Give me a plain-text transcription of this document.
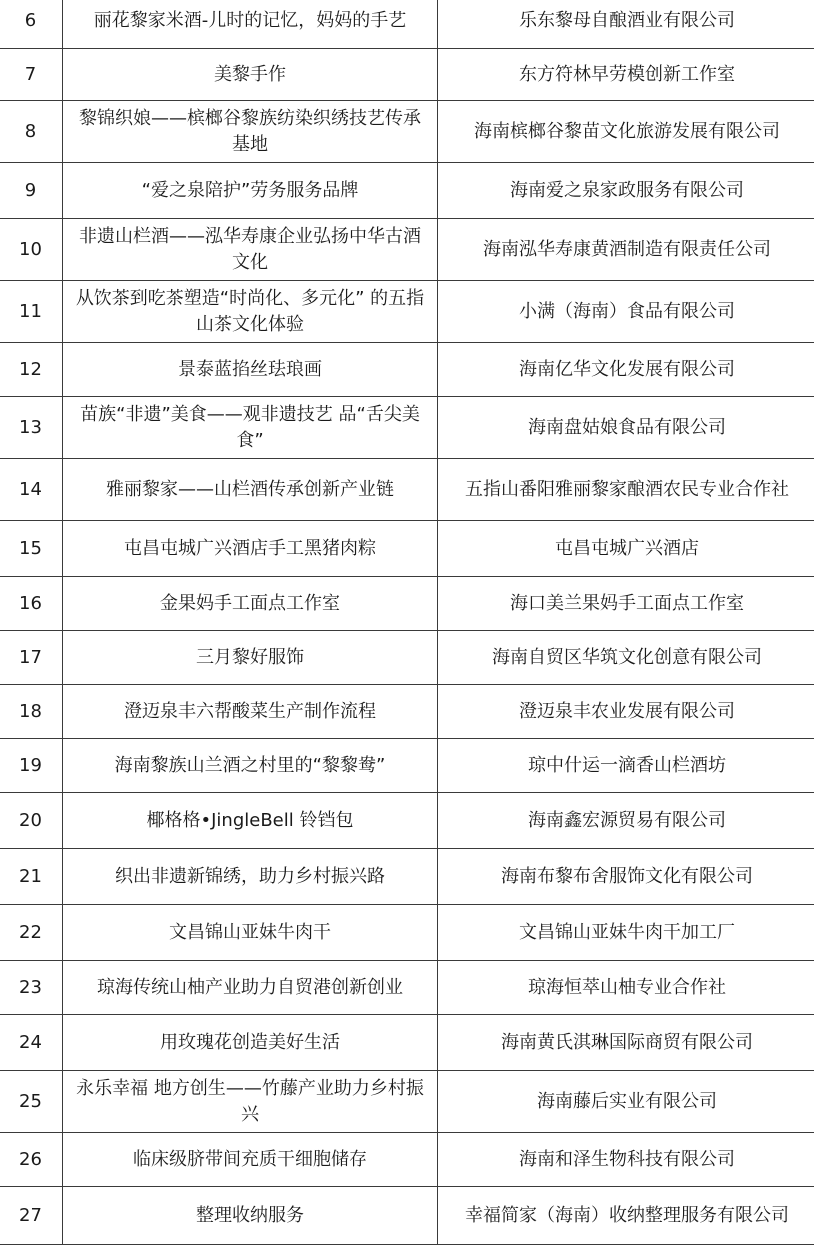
6	丽花黎家米酒-儿时的记忆，妈妈的手艺	乐东黎母自酿酒业有限公司
7	美黎手作	东方符林早劳模创新工作室
8	黎锦织娘——槟榔谷黎族纺染织绣技艺传承基地	海南槟榔谷黎苗文化旅游发展有限公司
9	“爱之泉陪护”劳务服务品牌	海南爱之泉家政服务有限公司
10	非遗山栏酒——泓华寿康企业弘扬中华古酒文化	海南泓华寿康黄酒制造有限责任公司
11	从饮茶到吃茶塑造“时尚化、多元化” 的五指山茶文化体验	小满（海南）食品有限公司
12	景泰蓝掐丝珐琅画	海南亿华文化发展有限公司
13	苗族“非遗”美食——观非遗技艺 品“舌尖美食”	海南盘姑娘食品有限公司
14	雅丽黎家——山栏酒传承创新产业链	五指山番阳雅丽黎家酿酒农民专业合作社
15	屯昌屯城广兴酒店手工黑猪肉粽	屯昌屯城广兴酒店
16	金果妈手工面点工作室	海口美兰果妈手工面点工作室
17	三月黎好服饰	海南自贸区华筑文化创意有限公司
18	澄迈泉丰六帮酸菜生产制作流程	澄迈泉丰农业发展有限公司
19	海南黎族山兰酒之村里的“黎黎鸯”	琼中什运一滴香山栏酒坊
20	椰格格•JingleBell 铃铛包	海南鑫宏源贸易有限公司
21	织出非遗新锦绣，助力乡村振兴路	海南布黎布舍服饰文化有限公司
22	文昌锦山亚妹牛肉干	文昌锦山亚妹牛肉干加工厂
23	琼海传统山柚产业助力自贸港创新创业	琼海恒萃山柚专业合作社
24	用玫瑰花创造美好生活	海南黄氏淇琳国际商贸有限公司
25	永乐幸福 地方创生——竹藤产业助力乡村振兴	海南藤后实业有限公司
26	临床级脐带间充质干细胞储存	海南和泽生物科技有限公司
27	整理收纳服务	幸福简家（海南）收纳整理服务有限公司
